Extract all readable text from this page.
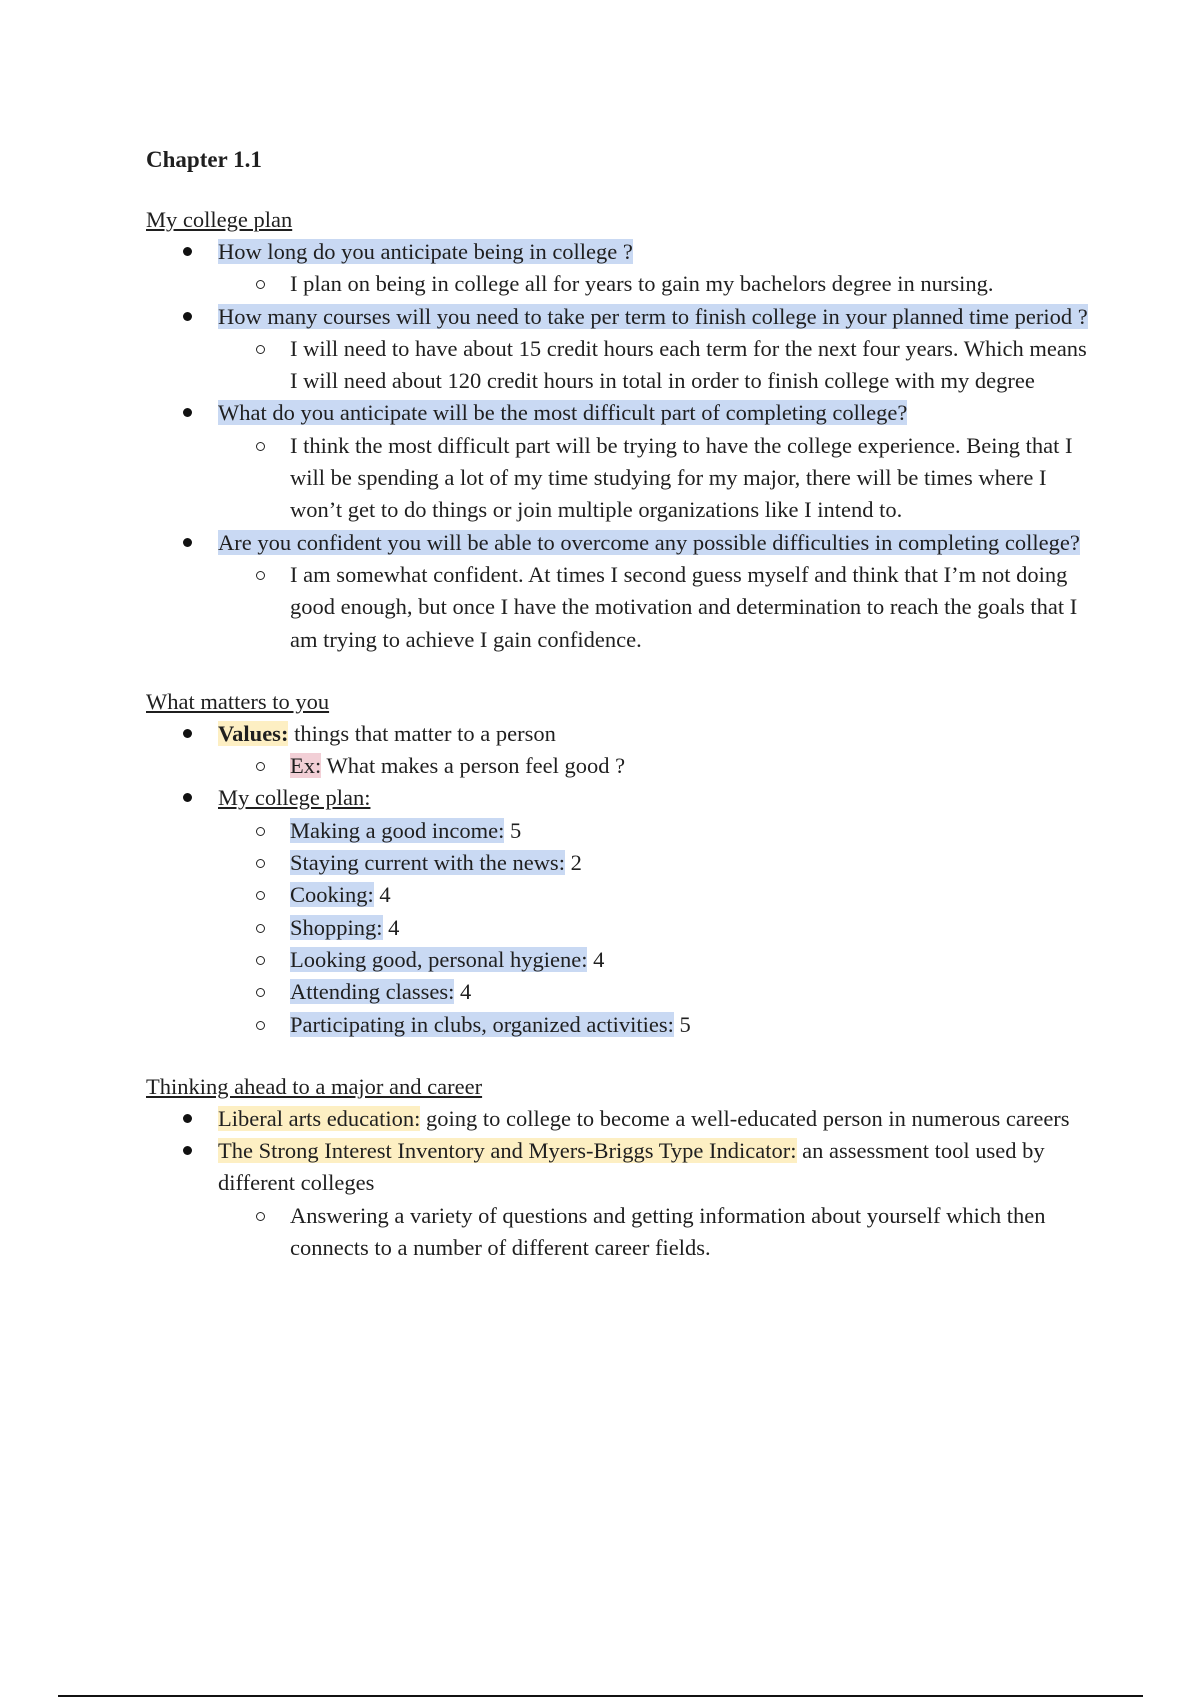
Chapter 1.1
My college plan
How long do you anticipate being in college ?
I plan on being in college all for years to gain my bachelors degree in nursing.
How many courses will you need to take per term to finish college in your planned time period ?
I will need to have about 15 credit hours each term for the next four years. Which means I will need about 120 credit hours in total in order to finish college with my degree
What do you anticipate will be the most difficult part of completing college?
I think the most difficult part will be trying to have the college experience. Being that I will be spending a lot of my time studying for my major, there will be times where I won’t get to do things or join multiple organizations like I intend to.
Are you confident you will be able to overcome any possible difficulties in completing college?
I am somewhat confident. At times I second guess myself and think that I’m not doing good enough, but once I have the motivation and determination to reach the goals that I am trying to achieve I gain confidence.
What matters to you
Values: things that matter to a person
Ex: What makes a person feel good ?
My college plan:
Making a good income: 5
Staying current with the news: 2
Cooking: 4
Shopping: 4
Looking good, personal hygiene: 4
Attending classes: 4
Participating in clubs, organized activities: 5
Thinking ahead to a major and career
Liberal arts education: going to college to become a well-educated person in numerous careers
The Strong Interest Inventory and Myers-Briggs Type Indicator: an assessment tool used by different colleges
Answering a variety of questions and getting information about yourself which then connects to a number of different career fields.
